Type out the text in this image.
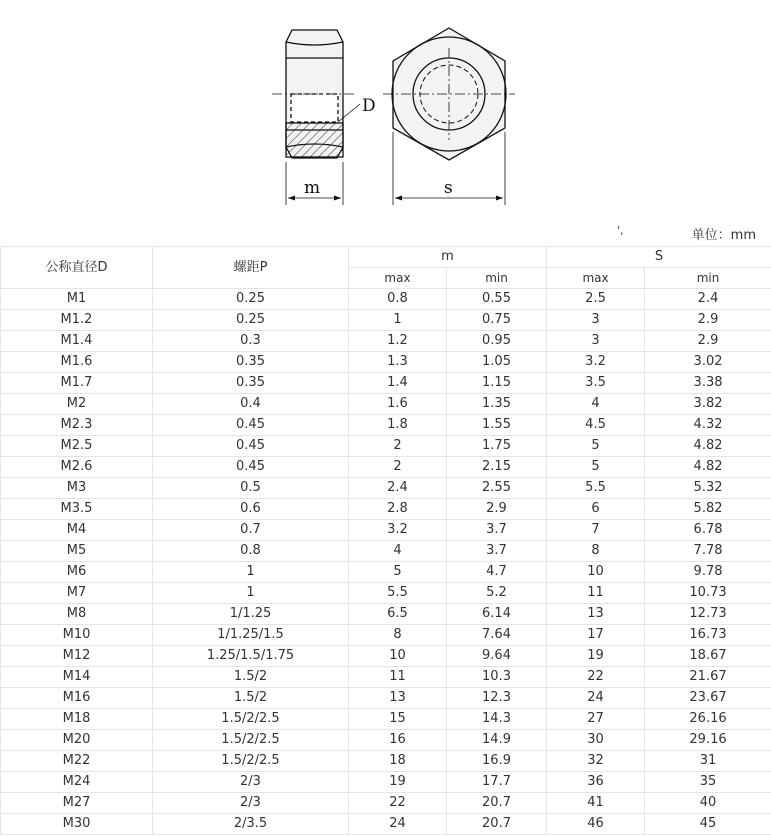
D
m	s
',	单位：mm
公称直径D	螺距P	m		S	
		max	min	max	min
M1	0.25	0.8	0.55	2.5	2.4
M1.2	0.25	1	0.75	3	2.9
M1.4	0.3	1.2	0.95	3	2.9
M1.6	0.35	1.3	1.05	3.2	3.02
M1.7	0.35	1.4	1.15	3.5	3.38
M2	0.4	1.6	1.35	4	3.82
M2.3	0.45	1.8	1.55	4.5	4.32
M2.5	0.45	2	1.75	5	4.82
M2.6	0.45	2	2.15	5	4.82
M3	0.5	2.4	2.55	5.5	5.32
M3.5	0.6	2.8	2.9	6	5.82
M4	0.7	3.2	3.7	7	6.78
M5	0.8	4	3.7	8	7.78
M6	1	5	4.7	10	9.78
M7	1	5.5	5.2	11	10.73
M8	1/1.25	6.5	6.14	13	12.73
M10	1/1.25/1.5	8	7.64	17	16.73
M12	1.25/1.5/1.75	10	9.64	19	18.67
M14	1.5/2	11	10.3	22	21.67
M16	1.5/2	13	12.3	24	23.67
M18	1.5/2/2.5	15	14.3	27	26.16
M20	1.5/2/2.5	16	14.9	30	29.16
M22	1.5/2/2.5	18	16.9	32	31
M24	2/3	19	17.7	36	35
M27	2/3	22	20.7	41	40
M30	2/3.5	24	20.7	46	45
